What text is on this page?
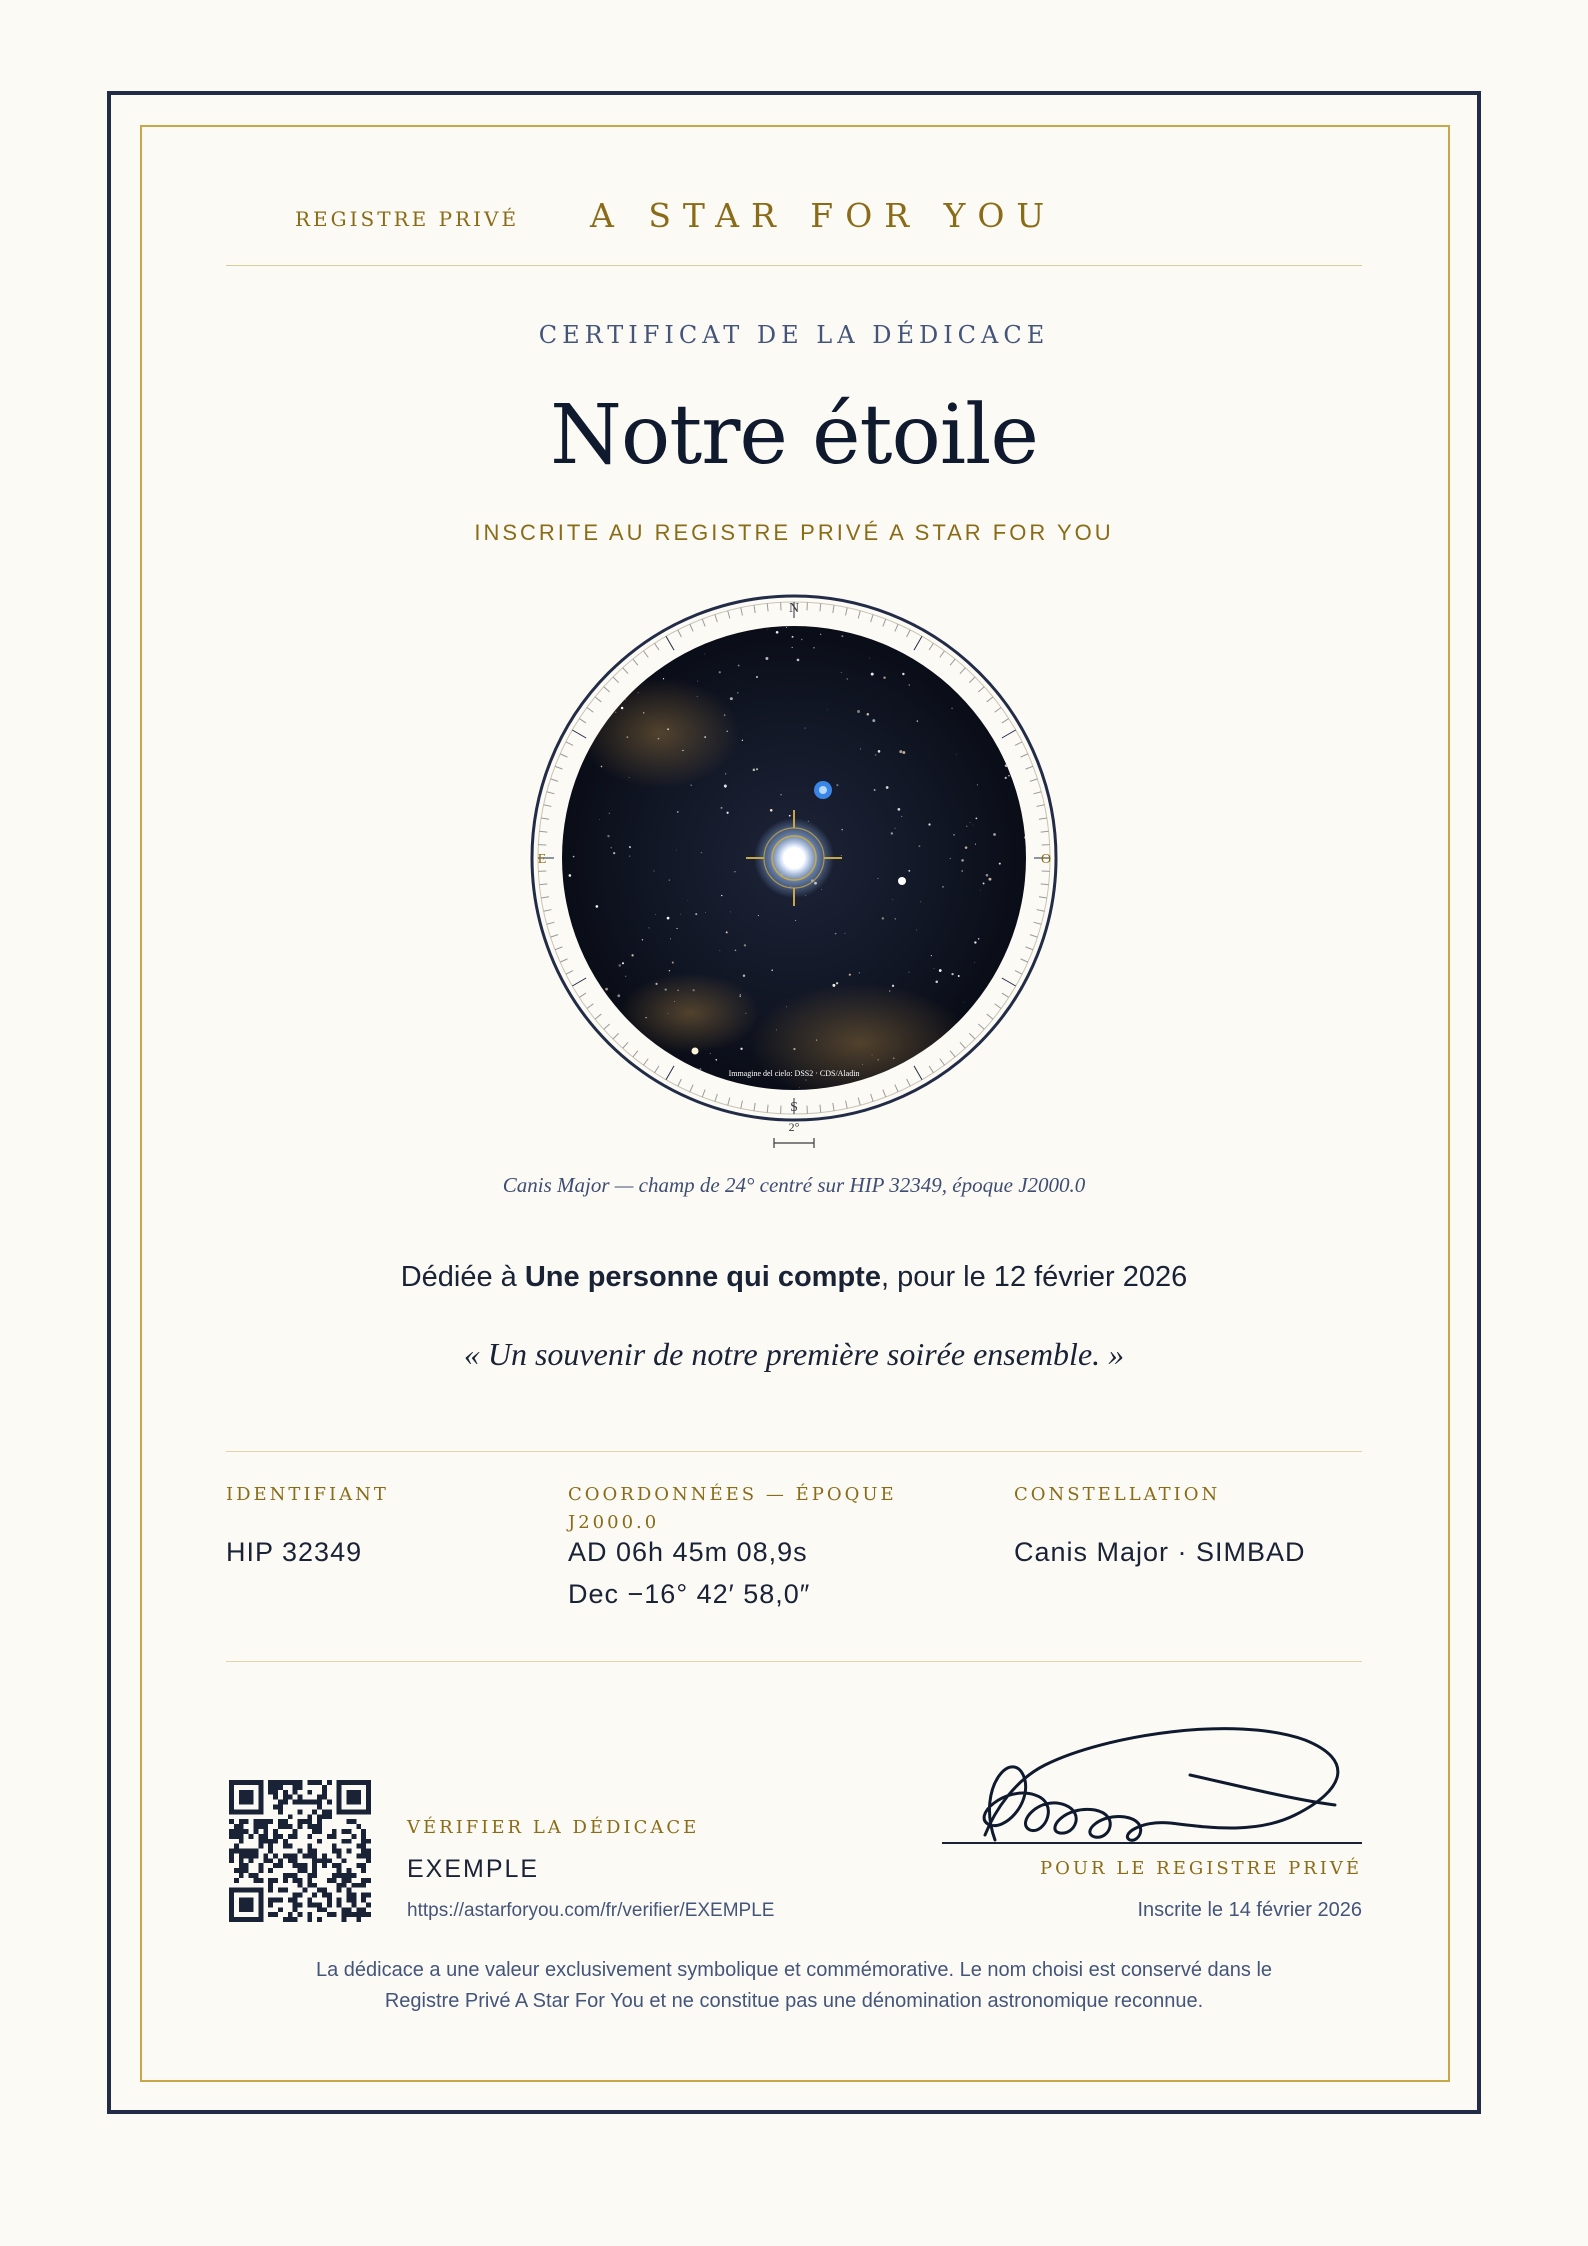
REGISTRE PRIVÉ A STAR FOR YOU
CERTIFICAT DE LA DÉDICACE
Notre étoile
INSCRITE AU REGISTRE PRIVÉ A STAR FOR YOU
N
S
E	O
Immagine del cielo: DSS2 · CDS/Aladin
2°
Canis Major — champ de 24° centré sur HIP 32349, époque J2000.0
Dédiée à Une personne qui compte, pour le 12 février 2026
« Un souvenir de notre première soirée ensemble. »
IDENTIFIANT
HIP 32349
COORDONNÉES — ÉPOQUE
J2000.0
AD 06h 45m 08,9s
Dec −16° 42′ 58,0″
CONSTELLATION
Canis Major · SIMBAD
VÉRIFIER LA DÉDICACE
EXEMPLE
https://astarforyou.com/fr/verifier/EXEMPLE
POUR LE REGISTRE PRIVÉ
Inscrite le 14 février 2026
La dédicace a une valeur exclusivement symbolique et commémorative. Le nom choisi est conservé dans le
Registre Privé A Star For You et ne constitue pas une dénomination astronomique reconnue.
